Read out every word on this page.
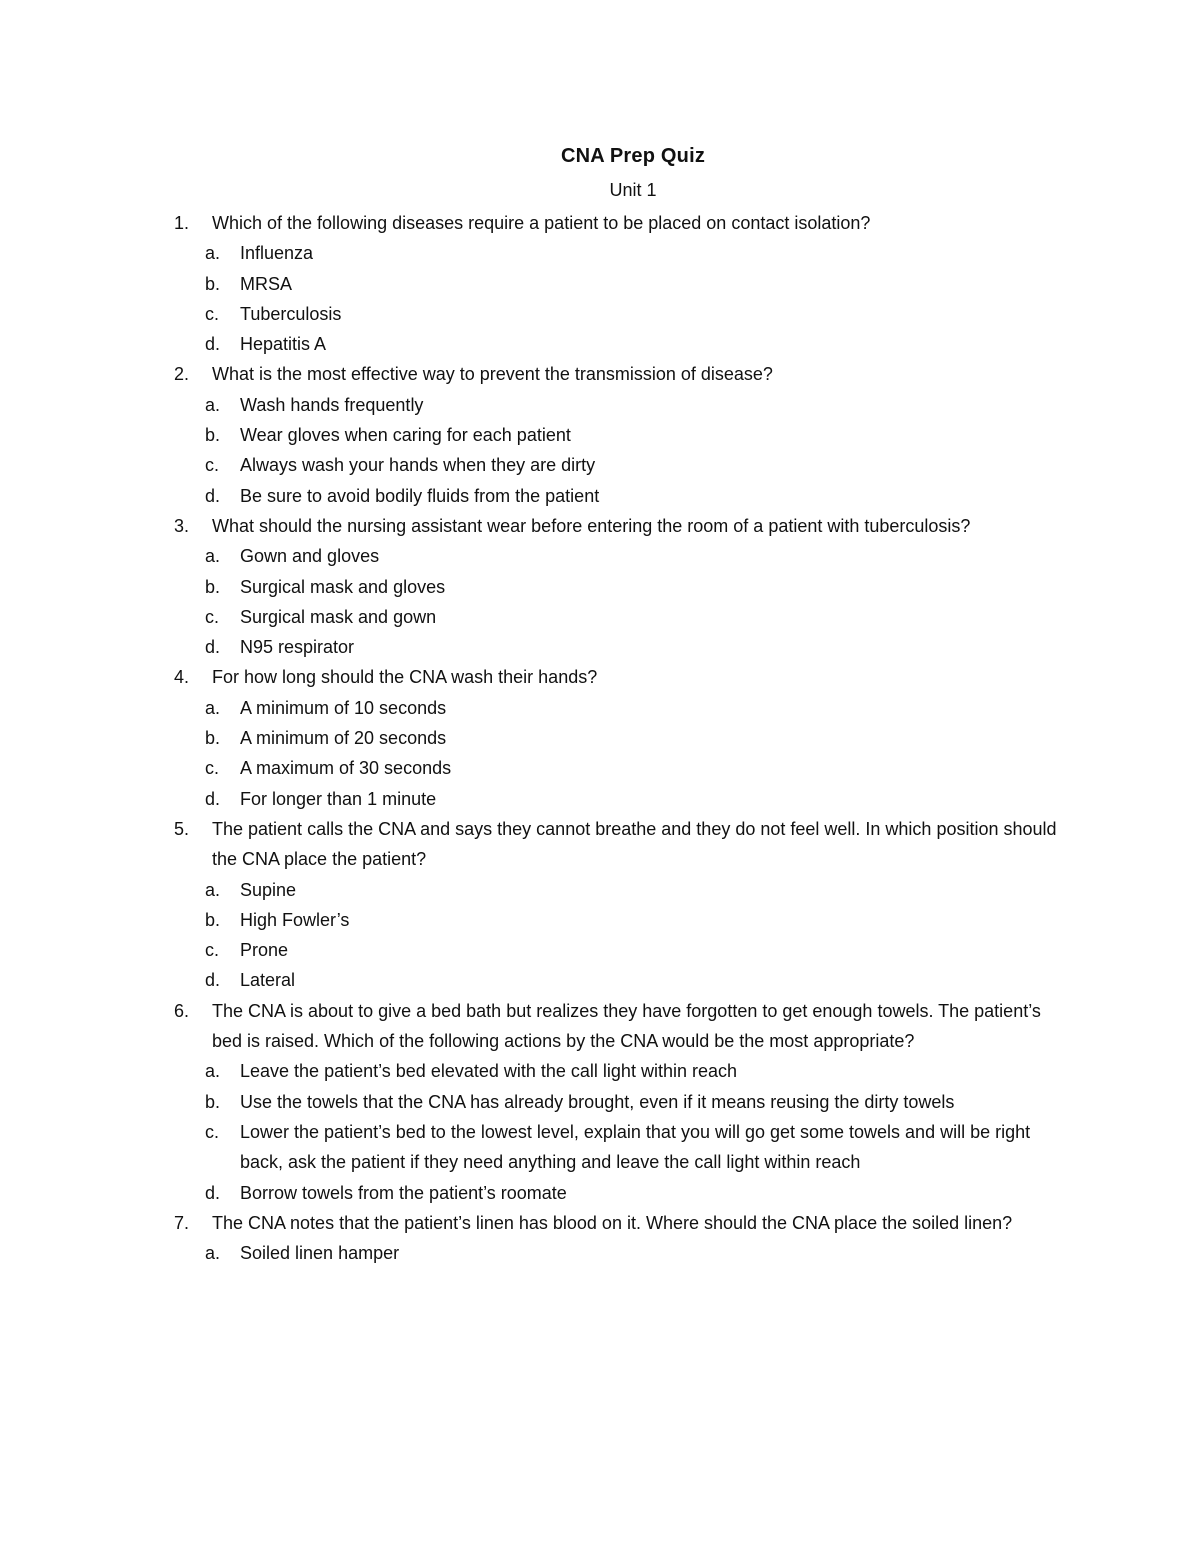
CNA Prep Quiz
Unit 1
1. Which of the following diseases require a patient to be placed on contact isolation?
a. Influenza
b. MRSA
c. Tuberculosis
d. Hepatitis A
2. What is the most effective way to prevent the transmission of disease?
a. Wash hands frequently
b. Wear gloves when caring for each patient
c. Always wash your hands when they are dirty
d. Be sure to avoid bodily fluids from the patient
3. What should the nursing assistant wear before entering the room of a patient with tuberculosis?
a. Gown and gloves
b. Surgical mask and gloves
c. Surgical mask and gown
d. N95 respirator
4. For how long should the CNA wash their hands?
a. A minimum of 10 seconds
b. A minimum of 20 seconds
c. A maximum of 30 seconds
d. For longer than 1 minute
5. The patient calls the CNA and says they cannot breathe and they do not feel well. In which position should the CNA place the patient?
a. Supine
b. High Fowler’s
c. Prone
d. Lateral
6. The CNA is about to give a bed bath but realizes they have forgotten to get enough towels. The patient’s bed is raised. Which of the following actions by the CNA would be the most appropriate?
a. Leave the patient’s bed elevated with the call light within reach
b. Use the towels that the CNA has already brought, even if it means reusing the dirty towels
c. Lower the patient’s bed to the lowest level, explain that you will go get some towels and will be right back, ask the patient if they need anything and leave the call light within reach
d. Borrow towels from the patient’s roomate
7. The CNA notes that the patient’s linen has blood on it. Where should the CNA place the soiled linen?
a. Soiled linen hamper
